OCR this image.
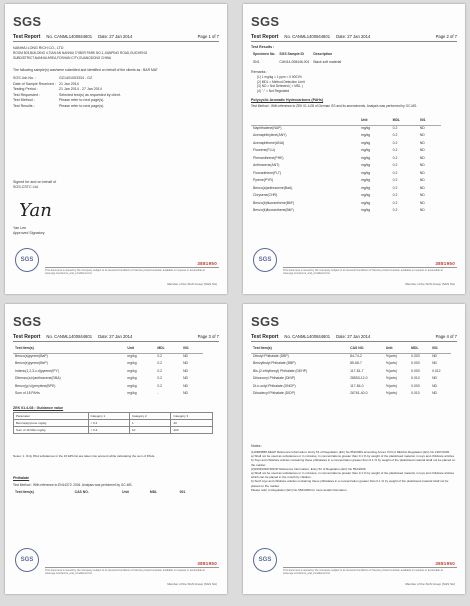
SGS
Test Report No. CANML1400844601 Date: 27 Jan 2014	Page 1 of 7
NANHAI LONG RICH CO., LTD
ROOM 803,BUILDING 4,TIAN AN NANHAI CYBER PARK NO.1,JIANPING ROAD,GUICHENG
SUBDISTRICT,NANHAI AREA,FOSHAN CITY,GUANGDONG CHINA
The following sample(s) was/were submitted and identified on behalf of the clients as : BAR MAT
SGS Job No. :	GZ1401003334 - GZ
Date of Sample Received : 21 Jan 2014
Testing Period :	21 Jan 2014 - 27 Jan 2014
Test Requested :	Selected test(s) as requested by client.
Test Method :	Please refer to next page(s).
Test Results :	Please refer to next page(s).
Signed for and on behalf of
SGS-CSTC Ltd.
Yan
Yan Lee
Approved Signatory
SGS
3881950
This document is issued by the Company subject to its General Conditions of Service printed overleaf, available on request or accessible at www.sgs.com/terms_and_conditions.htm
Member of the SGS Group (SGS SA)
SGS
Test Report No. CANML1400844601 Date: 27 Jan 2014	Page 2 of 7
Test Results :
Specimen No.	SGS Sample ID	Description
SN1	CAN14-008446.001	Black soft material
Remarks :
(1) 1 mg/kg = 1 ppm = 0.0001%
(2) MDL = Method Detection Limit
(3) ND = Not Detected ( < MDL )
(4) "-" = Not Regulated
Polycyclic Aromatic Hydrocarbons (PAHs)
Test Method : With reference to ZEK 01.4-08 of German GS and its amendments. Analysis was performed by GC-MS.
	Unit	MDL	001
Naphthalene(NAP)	mg/kg	0.2	ND
Acenaphthylene(ANY)	mg/kg	0.2	ND
Acenaphthene(ANA)	mg/kg	0.2	ND
Fluorene(FLU)	mg/kg	0.2	ND
Phenanthrene(PHE)	mg/kg	0.2	ND
Anthracene(ANT)	mg/kg	0.2	ND
Fluoranthene(FLT)	mg/kg	0.2	ND
Pyrene(PYR)	mg/kg	0.2	ND
Benzo(a)anthracene(BaA)	mg/kg	0.2	ND
Chrysene(CHR)	mg/kg	0.2	ND
Benzo(b)fluoranthene(BbF)	mg/kg	0.2	ND
Benzo(k)fluoranthene(BkF)	mg/kg	0.2	ND
SGS
3881950
This document is issued by the Company subject to its General Conditions of Service printed overleaf, available on request or accessible at www.sgs.com/terms_and_conditions.htm
Member of the SGS Group (SGS SA)
SGS
Test Report No. CANML1400844601 Date: 27 Jan 2014	Page 3 of 7
Test Item(s)	Unit	MDL	001
Benzo(a)pyrene(BaP)	mg/kg	0.2	ND
Benzo(e)pyrene(BeP)	mg/kg	0.2	ND
Indeno(1,2,3-c,d)pyrene(IPY)	mg/kg	0.2	ND
Dibenzo(a,h)anthracene(DBA)	mg/kg	0.2	ND
Benzo(g,h,i)perylene(BPE)	mg/kg	0.2	ND
Sum of 18 PAHs	mg/kg	-	ND
ZEK 01.4-08 : Guidance value
Parameter	Category 1	Category 2	Category 3
Benzo(a)pyrene mg/kg	< 0.2	1	20
Sum of 16 PAH mg/kg	< 0.2	10	200
Notes: 1. Only PAH substances in the 16 EPA list are taken into account while calculating the sum of PAHs.
Phthalate
Test Method : With reference to EN14372: 2004. Analysis was performed by GC-MS.
Test Item(s)	CAS NO.	Unit	MDL	001
SGS
3881950
This document is issued by the Company subject to its General Conditions of Service printed overleaf, available on request or accessible at www.sgs.com/terms_and_conditions.htm
Member of the SGS Group (SGS SA)
SGS
Test Report No. CANML1400844601 Date: 27 Jan 2014	Page 4 of 7
Test Item(s)	CAS NO.	Unit	MDL	001
Dibutyl Phthalate (DBP)	84-74-2	%(w/w)	0.003	ND
Benzylbutyl Phthalate (BBP)	85-68-7	%(w/w)	0.003	ND
Bis-(2-ethylhexyl) Phthalate (DEHP)	117-81-7	%(w/w)	0.003	0.012
Diisononyl Phthalate (DINP)	28553-12-0	%(w/w)	0.010	ND
Di-n-octyl Phthalate (DNOP)	117-84-0	%(w/w)	0.003	ND
Diisodecyl Phthalate (DIDP)	26761-40-0	%(w/w)	0.010	ND
Notes :
(1)DBP,BBP,DEHP Reference Information: Entry 51 of Regulation (EC) No 552/2009 amending Annex XVII of REACH Regulation (EC) No 1907/2006.
a) Shall not be used as substances or in mixtures, in concentrations greater than 0.1 % by weight of the plasticised material, in toys and childcare articles.
b) Toys and childcare articles containing these phthalates in a concentration greater than 0.1 % by weight of the plasticised material shall not be placed on the market.
(2)DINP,DIDP,DNOP Reference Information: Entry 52 of Regulation (EC) No 552/2009.
a) Shall not be used as substances or in mixtures, in concentrations greater than 0.1 % by weight of the plasticised material, in toys and childcare articles which can be placed in the mouth by children.
b) Such toys and childcare articles containing these phthalates in a concentration greater than 0.1 % by weight of the plasticised material shall not be placed on the market.
Please refer to Regulation (EC) No 552/2009 for more detail information.
SGS
3881950
This document is issued by the Company subject to its General Conditions of Service printed overleaf, available on request or accessible at www.sgs.com/terms_and_conditions.htm
Member of the SGS Group (SGS SA)
